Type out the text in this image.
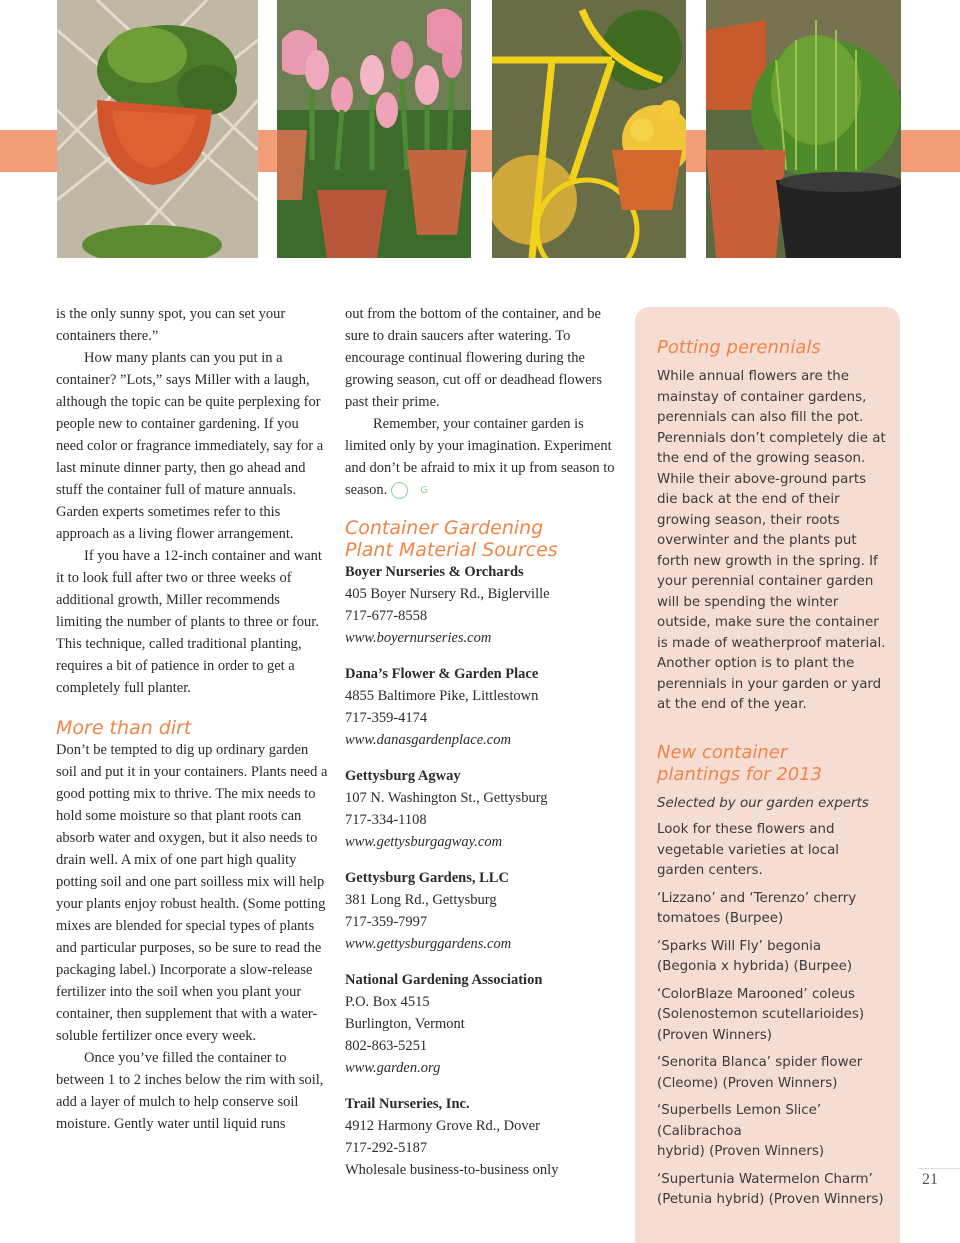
is the only sunny spot, you can set your containers there.”

How many plants can you put in a container? ”Lots,” says Miller with a laugh, although the topic can be quite perplexing for people new to container gardening. If you need color or fragrance immediately, say for a last minute dinner party, then go ahead and stuff the container full of mature annuals. Garden experts sometimes refer to this approach as a living flower arrangement.

If you have a 12-inch container and want it to look full after two or three weeks of additional growth, Miller recommends limiting the number of plants to three or four. This technique, called traditional planting, requires a bit of patience in order to get a completely full planter.

More than dirt

Don’t be tempted to dig up ordinary garden soil and put it in your containers. Plants need a good potting mix to thrive. The mix needs to hold some moisture so that plant roots can absorb water and oxygen, but it also needs to drain well. A mix of one part high quality potting soil and one part soilless mix will help your plants enjoy robust health. (Some potting mixes are blended for special types of plants and particular purposes, so be sure to read the packaging label.) Incorporate a slow-release fertilizer into the soil when you plant your container, then supplement that with a water-soluble fertilizer once every week.

Once you’ve filled the container to between 1 to 2 inches below the rim with soil, add a layer of mulch to help conserve soil moisture. Gently water until liquid runs

out from the bottom of the container, and be sure to drain saucers after watering. To encourage continual flowering during the growing season, cut off or deadhead flowers past their prime.

Remember, your container garden is limited only by your imagination. Experiment and don’t be afraid to mix it up from season to season.	G

Container Gardening
Plant Material Sources

Boyer Nurseries & Orchards
405 Boyer Nursery Rd., Biglerville
717-677-8558
www.boyernurseries.com
Dana’s Flower & Garden Place
4855 Baltimore Pike, Littlestown
717-359-4174
www.danasgardenplace.com
Gettysburg Agway
107 N. Washington St., Gettysburg
717-334-1108
www.gettysburgagway.com
Gettysburg Gardens, LLC
381 Long Rd., Gettysburg
717-359-7997
www.gettysburggardens.com
National Gardening Association
P.O. Box 4515
Burlington, Vermont
802-863-5251
www.garden.org
Trail Nurseries, Inc.
4912 Harmony Grove Rd., Dover
717-292-5187
Wholesale business-to-business only

Potting perennials

While annual flowers are the mainstay of container gardens, perennials can also fill the pot. Perennials don’t completely die at the end of the growing season. While their above-ground parts die back at the end of their growing season, their roots overwinter and the plants put forth new growth in the spring. If your perennial container garden will be spending the winter outside, make sure the container is made of weatherproof material. Another option is to plant the perennials in your garden or yard at the end of the year.

New container
plantings for 2013

Selected by our garden experts

Look for these flowers and vegetable varieties at local garden centers.

‘Lizzano’ and ‘Terenzo’ cherry
tomatoes (Burpee)

‘Sparks Will Fly’ begonia
(Begonia x hybrida) (Burpee)

‘ColorBlaze Marooned’ coleus
(Solenostemon scutellarioides) (Proven Winners)

‘Senorita Blanca’ spider flower
(Cleome) (Proven Winners)

‘Superbells Lemon Slice’ (Calibrachoa
hybrid) (Proven Winners)

‘Supertunia Watermelon Charm’
(Petunia hybrid) (Proven Winners)

21
